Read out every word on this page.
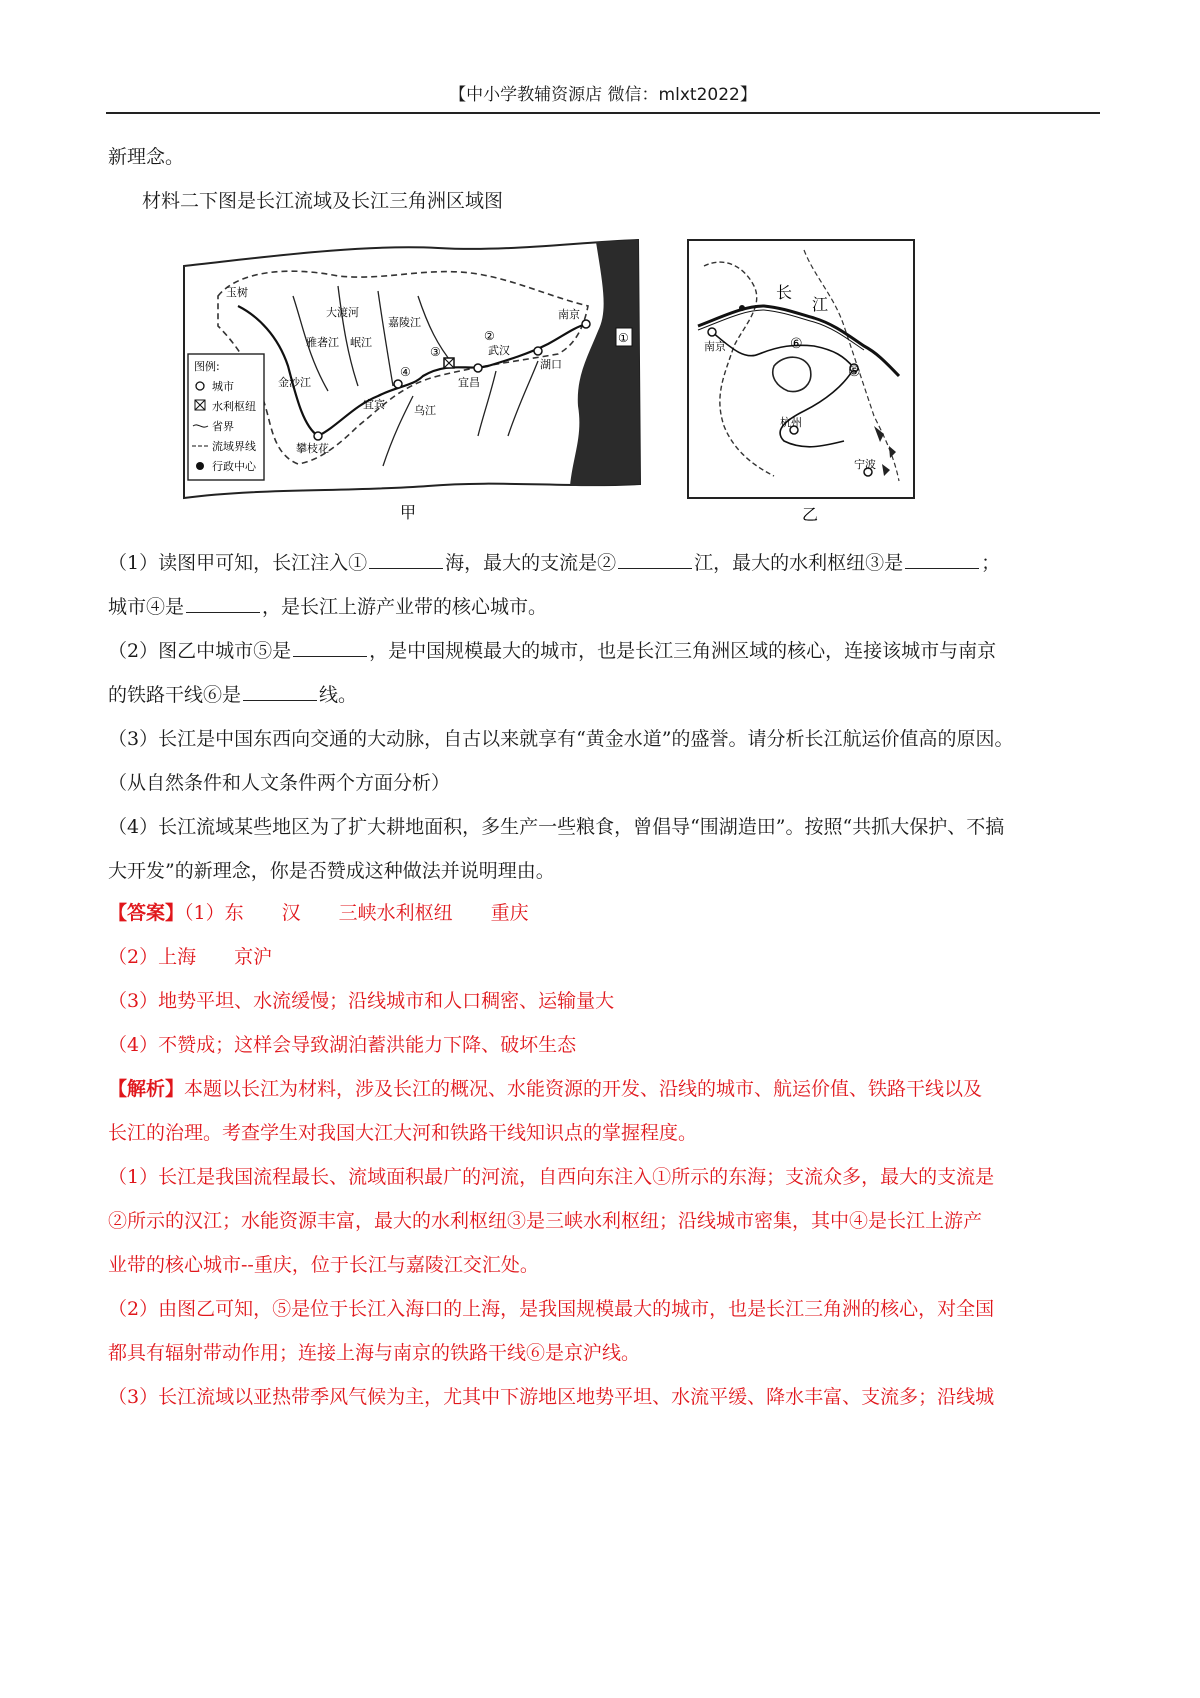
【中小学教辅资源店 微信：mlxt2022】
新理念。
材料二下图是长江流域及长江三角洲区域图
玉树
金沙江
攀枝花
雅砻江
大渡河
岷江
嘉陵江
宜宾	乌江
宜昌
武汉
湖口
南京
②
③
④
①
图例:
城市
水利枢纽
省界
流域界线
行政中心
甲
南京
长
江
⑥
⑤
杭州
宁波
乙
（1）读图甲可知，长江注入①	海，最大的支流是②	江，最大的水利枢纽③是	；
城市④是	，是长江上游产业带的核心城市。
（2）图乙中城市⑤是	，是中国规模最大的城市，也是长江三角洲区域的核心，连接该城市与南京
的铁路干线⑥是	线。
（3）长江是中国东西向交通的大动脉，自古以来就享有“黄金水道”的盛誉。请分析长江航运价值高的原因。
（从自然条件和人文条件两个方面分析）
（4）长江流域某些地区为了扩大耕地面积，多生产一些粮食，曾倡导“围湖造田”。按照“共抓大保护、不搞
大开发”的新理念，你是否赞成这种做法并说明理由。
【答案】（1）东　　汉　　三峡水利枢纽　　重庆
（2）上海　　京沪
（3）地势平坦、水流缓慢；沿线城市和人口稠密、运输量大
（4）不赞成；这样会导致湖泊蓄洪能力下降、破坏生态
【解析】本题以长江为材料，涉及长江的概况、水能资源的开发、沿线的城市、航运价值、铁路干线以及
长江的治理。考查学生对我国大江大河和铁路干线知识点的掌握程度。
（1）长江是我国流程最长、流域面积最广的河流，自西向东注入①所示的东海；支流众多，最大的支流是
②所示的汉江；水能资源丰富，最大的水利枢纽③是三峡水利枢纽；沿线城市密集，其中④是长江上游产
业带的核心城市--重庆，位于长江与嘉陵江交汇处。
（2）由图乙可知，⑤是位于长江入海口的上海，是我国规模最大的城市，也是长江三角洲的核心，对全国
都具有辐射带动作用；连接上海与南京的铁路干线⑥是京沪线。
（3）长江流域以亚热带季风气候为主，尤其中下游地区地势平坦、水流平缓、降水丰富、支流多；沿线城
